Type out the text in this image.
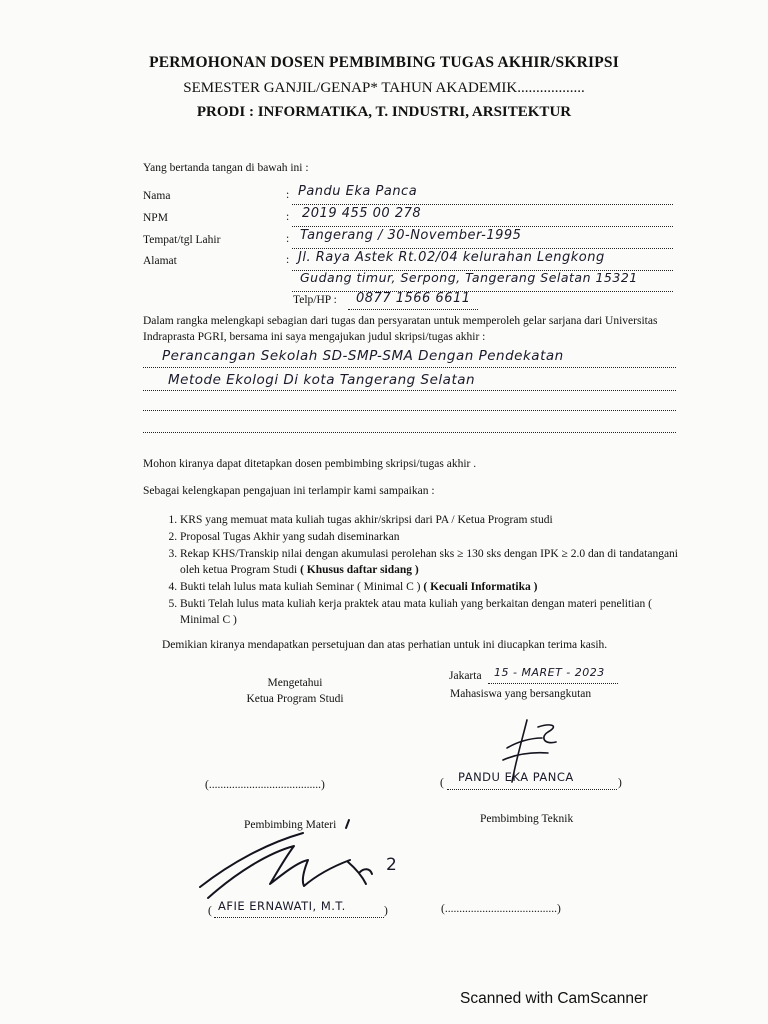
PERMOHONAN DOSEN PEMBIMBING TUGAS AKHIR/SKRIPSI
SEMESTER GANJIL/GENAP* TAHUN AKADEMIK..................
PRODI : INFORMATIKA, T. INDUSTRI, ARSITEKTUR
Yang bertanda tangan di bawah ini :
Nama	: Pandu Eka Panca
NPM	: 2019 455 00 278
Tempat/tgl Lahir	: Tangerang / 30-November-1995
Alamat	: Jl. Raya Astek Rt.02/04 kelurahan Lengkong
Gudang timur, Serpong, Tangerang Selatan 15321
Telp/HP : 0877 1566 6611
Dalam rangka melengkapi sebagian dari tugas dan persyaratan untuk memperoleh gelar sarjana dari Universitas Indraprasta PGRI, bersama ini saya mengajukan judul skripsi/tugas akhir :
Perancangan Sekolah SD-SMP-SMA Dengan Pendekatan
Metode Ekologi Di kota Tangerang Selatan
Mohon kiranya dapat ditetapkan dosen pembimbing skripsi/tugas akhir .
Sebagai kelengkapan pengajuan ini terlampir kami sampaikan :
1. KRS yang memuat mata kuliah tugas akhir/skripsi dari PA / Ketua Program studi
2. Proposal Tugas Akhir yang sudah diseminarkan
3. Rekap KHS/Transkip nilai dengan akumulasi perolehan sks ≥ 130 sks dengan IPK ≥ 2.0 dan di tandatangani oleh ketua Program Studi ( Khusus daftar sidang )
4. Bukti telah lulus mata kuliah Seminar ( Minimal C ) ( Kecuali Informatika )
5. Bukti Telah lulus mata kuliah kerja praktek atau mata kuliah yang berkaitan dengan materi penelitian ( Minimal C )
Demikian kiranya mendapatkan persetujuan dan atas perhatian untuk ini diucapkan terima kasih.
Mengetahui
Ketua Program Studi
(.......................................)
Jakarta 15 - MARET - 2023
Mahasiswa yang bersangkutan
( PANDU EKA PANCA	)
Pembimbing Materi
( AFIE ERNAWATI, M.T.	)
2
Pembimbing Teknik
(.......................................)
Scanned with CamScanner
